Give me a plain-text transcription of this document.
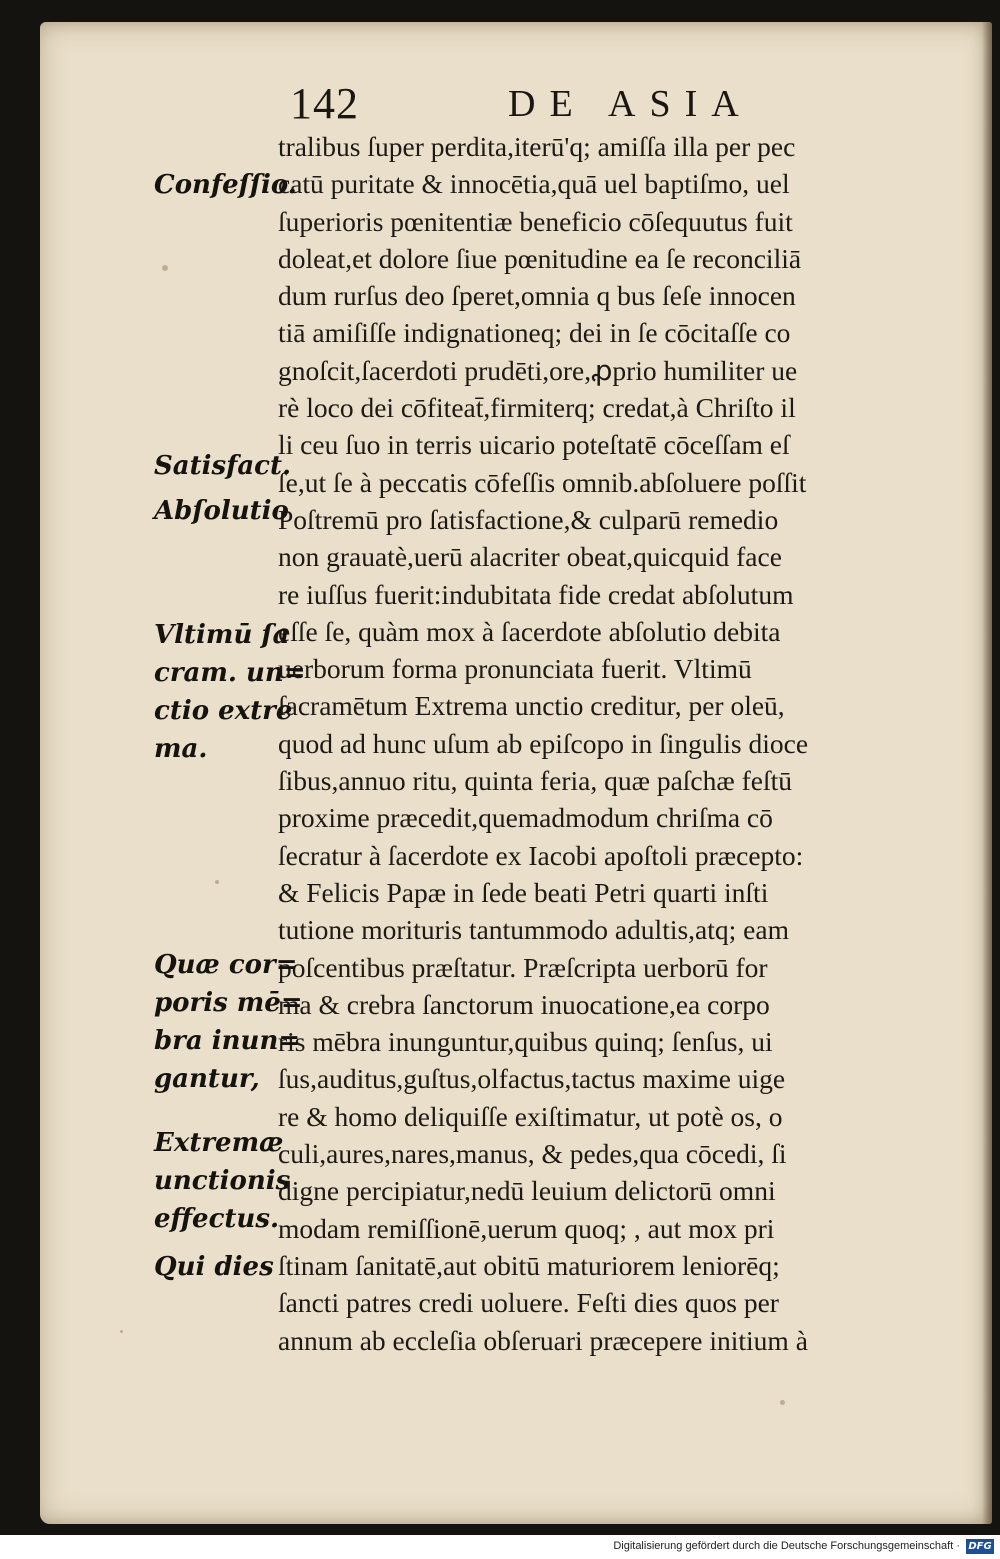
142	DE ASIA
tralibus ſuper perdita,iterū'q; amiſſa illa per pec
catū puritate & innocētia,quā uel baptiſmo, uel
ſuperioris pœnitentiæ beneficio cōſequutus fuit
doleat,et dolore ſiue pœnitudine ea ſe reconciliā
dum rurſus deo ſperet,omnia q bus ſeſe innocen
tiā amiſiſſe indignationeq; dei in ſe cōcitaſſe co
gnoſcit,ſacerdoti prudēti,ore,ꝓprio humiliter ue
rè loco dei cōfiteat̄,firmiterq; credat,à Chriſto il
li ceu ſuo in terris uicario poteſtatē cōceſſam eſ
ſe,ut ſe à peccatis cōfeſſis omnib.abſoluere poſſit
Poſtremū pro ſatisfactione,& culparū remedio
non grauatè,uerū alacriter obeat,quicquid face
re iuſſus fuerit:indubitata fide credat abſolutum
eſſe ſe, quàm mox à ſacerdote abſolutio debita
uerborum forma pronunciata fuerit. Vltimū
ſacramētum Extrema unctio creditur, per oleū,
quod ad hunc uſum ab epiſcopo in ſingulis dioce
ſibus,annuo ritu, quinta feria, quæ paſchæ feſtū
proxime præcedit,quemadmodum chriſma cō
ſecratur à ſacerdote ex Iacobi apoſtoli præcepto:
& Felicis Papæ in ſede beati Petri quarti inſti
tutione morituris tantummodo adultis,atq; eam
poſcentibus præſtatur. Præſcripta uerborū for
ma & crebra ſanctorum inuocatione,ea corpo
ris mēbra inunguntur,quibus quinq; ſenſus, ui
ſus,auditus,guſtus,olfactus,tactus maxime uige
re & homo deliquiſſe exiſtimatur, ut potè os, o
culi,aures,nares,manus, & pedes,qua cōcedi, ſi
digne percipiatur,nedū leuium delictorū omni
modam remiſſionē,uerum quoq; , aut mox pri
ſtinam ſanitatē,aut obitū maturiorem leniorēq;
ſancti patres credi uoluere. Feſti dies quos per
annum ab eccleſia obſeruari præcepere initium à
Confeſſio.
Satisfact.
Abſolutio
Vltimū ſa
cram. un=
ctio extre
ma.
Quæ cor=
poris mē=
bra inun=
gantur,
Extremæ
unctionis
effectus.
Qui dies
Digitalisierung gefördert durch die Deutsche Forschungsgemeinschaft · DFG
